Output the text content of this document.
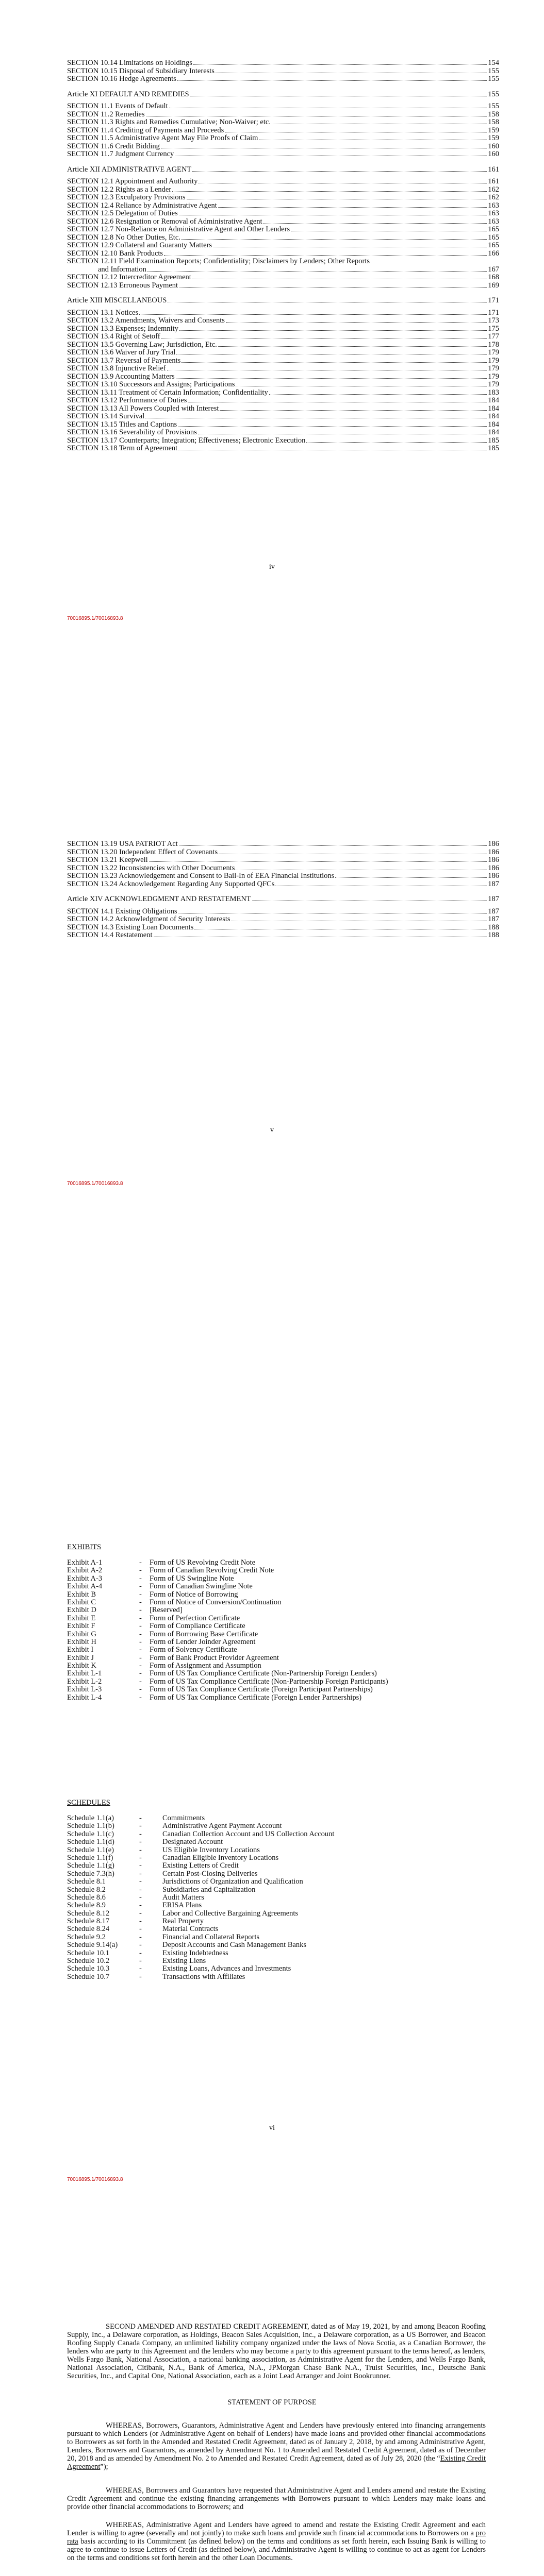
SECTION 10.14 Limitations on Holdings	154
SECTION 10.15 Disposal of Subsidiary Interests	155
SECTION 10.16 Hedge Agreements	155
Article XI DEFAULT AND REMEDIES	155
SECTION 11.1 Events of Default	155
SECTION 11.2 Remedies	158
SECTION 11.3 Rights and Remedies Cumulative; Non-Waiver; etc.	158
SECTION 11.4 Crediting of Payments and Proceeds	159
SECTION 11.5 Administrative Agent May File Proofs of Claim	159
SECTION 11.6 Credit Bidding	160
SECTION 11.7 Judgment Currency	160
Article XII ADMINISTRATIVE AGENT	161
SECTION 12.1 Appointment and Authority	161
SECTION 12.2 Rights as a Lender	162
SECTION 12.3 Exculpatory Provisions	162
SECTION 12.4 Reliance by Administrative Agent	163
SECTION 12.5 Delegation of Duties	163
SECTION 12.6 Resignation or Removal of Administrative Agent	163
SECTION 12.7 Non-Reliance on Administrative Agent and Other Lenders	165
SECTION 12.8 No Other Duties, Etc.	165
SECTION 12.9 Collateral and Guaranty Matters	165
SECTION 12.10 Bank Products	166
SECTION 12.11 Field Examination Reports; Confidentiality; Disclaimers by Lenders; Other Reports
and Information	167
SECTION 12.12 Intercreditor Agreement	168
SECTION 12.13 Erroneous Payment	169
Article XIII MISCELLANEOUS	171
SECTION 13.1 Notices	171
SECTION 13.2 Amendments, Waivers and Consents	173
SECTION 13.3 Expenses; Indemnity	175
SECTION 13.4 Right of Setoff	177
SECTION 13.5 Governing Law; Jurisdiction, Etc.	178
SECTION 13.6 Waiver of Jury Trial	179
SECTION 13.7 Reversal of Payments	179
SECTION 13.8 Injunctive Relief	179
SECTION 13.9 Accounting Matters	179
SECTION 13.10 Successors and Assigns; Participations	179
SECTION 13.11 Treatment of Certain Information; Confidentiality	183
SECTION 13.12 Performance of Duties	184
SECTION 13.13 All Powers Coupled with Interest	184
SECTION 13.14 Survival	184
SECTION 13.15 Titles and Captions	184
SECTION 13.16 Severability of Provisions	184
SECTION 13.17 Counterparts; Integration; Effectiveness; Electronic Execution	185
SECTION 13.18 Term of Agreement	185
iv
70016895.1/70016893.8
SECTION 13.19 USA PATRIOT Act	186
SECTION 13.20 Independent Effect of Covenants	186
SECTION 13.21 Keepwell	186
SECTION 13.22 Inconsistencies with Other Documents	186
SECTION 13.23 Acknowledgement and Consent to Bail-In of EEA Financial Institutions	186
SECTION 13.24 Acknowledgement Regarding Any Supported QFCs	187
Article XIV ACKNOWLEDGMENT AND RESTATEMENT	187
SECTION 14.1 Existing Obligations	187
SECTION 14.2 Acknowledgment of Security Interests	187
SECTION 14.3 Existing Loan Documents	188
SECTION 14.4 Restatement	188
v
70016895.1/70016893.8
EXHIBITS
Exhibit A-1	-	Form of US Revolving Credit Note
Exhibit A-2	-	Form of Canadian Revolving Credit Note
Exhibit A-3	-	Form of US Swingline Note
Exhibit A-4	-	Form of Canadian Swingline Note
Exhibit B	-	Form of Notice of Borrowing
Exhibit C	-	Form of Notice of Conversion/Continuation
Exhibit D	-	[Reserved]
Exhibit E	-	Form of Perfection Certificate
Exhibit F	-	Form of Compliance Certificate
Exhibit G	-	Form of Borrowing Base Certificate
Exhibit H	-	Form of Lender Joinder Agreement
Exhibit I	-	Form of Solvency Certificate
Exhibit J	-	Form of Bank Product Provider Agreement
Exhibit K	-	Form of Assignment and Assumption
Exhibit L-1	-	Form of US Tax Compliance Certificate (Non-Partnership Foreign Lenders)
Exhibit L-2	-	Form of US Tax Compliance Certificate (Non-Partnership Foreign Participants)
Exhibit L-3	-	Form of US Tax Compliance Certificate (Foreign Participant Partnerships)
Exhibit L-4	-	Form of US Tax Compliance Certificate (Foreign Lender Partnerships)
SCHEDULES
Schedule 1.1(a)	-	Commitments
Schedule 1.1(b)	-	Administrative Agent Payment Account
Schedule 1.1(c)	-	Canadian Collection Account and US Collection Account
Schedule 1.1(d)	-	Designated Account
Schedule 1.1(e)	-	US Eligible Inventory Locations
Schedule 1.1(f)	-	Canadian Eligible Inventory Locations
Schedule 1.1(g)	-	Existing Letters of Credit
Schedule 7.3(h)	-	Certain Post-Closing Deliveries
Schedule 8.1	-	Jurisdictions of Organization and Qualification
Schedule 8.2	-	Subsidiaries and Capitalization
Schedule 8.6	-	Audit Matters
Schedule 8.9	-	ERISA Plans
Schedule 8.12	-	Labor and Collective Bargaining Agreements
Schedule 8.17	-	Real Property
Schedule 8.24	-	Material Contracts
Schedule 9.2	-	Financial and Collateral Reports
Schedule 9.14(a)	-	Deposit Accounts and Cash Management Banks
Schedule 10.1	-	Existing Indebtedness
Schedule 10.2	-	Existing Liens
Schedule 10.3	-	Existing Loans, Advances and Investments
Schedule 10.7	-	Transactions with Affiliates
vi
70016895.1/70016893.8
SECOND AMENDED AND RESTATED CREDIT AGREEMENT, dated as of May 19, 2021, by and among Beacon Roofing Supply, Inc., a Delaware corporation, as Holdings, Beacon Sales Acquisition, Inc., a Delaware corporation, as a US Borrower, and Beacon Roofing Supply Canada Company, an unlimited liability company organized under the laws of Nova Scotia, as a Canadian Borrower, the lenders who are party to this Agreement and the lenders who may become a party to this agreement pursuant to the terms hereof, as lenders, Wells Fargo Bank, National Association, a national banking association, as Administrative Agent for the Lenders, and Wells Fargo Bank, National Association, Citibank, N.A., Bank of America, N.A., JPMorgan Chase Bank N.A., Truist Securities, Inc., Deutsche Bank Securities, Inc., and Capital One, National Association, each as a Joint Lead Arranger and Joint Bookrunner.
STATEMENT OF PURPOSE
WHEREAS, Borrowers, Guarantors, Administrative Agent and Lenders have previously entered into financing arrangements pursuant to which Lenders (or Administrative Agent on behalf of Lenders) have made loans and provided other financial accommodations to Borrowers as set forth in the Amended and Restated Credit Agreement, dated as of January 2, 2018, by and among Administrative Agent, Lenders, Borrowers and Guarantors, as amended by Amendment No. 1 to Amended and Restated Credit Agreement, dated as of December 20, 2018 and as amended by Amendment No. 2 to Amended and Restated Credit Agreement, dated as of July 28, 2020 (the “Existing Credit Agreement”);
WHEREAS, Borrowers and Guarantors have requested that Administrative Agent and Lenders amend and restate the Existing Credit Agreement and continue the existing financing arrangements with Borrowers pursuant to which Lenders may make loans and provide other financial accommodations to Borrowers; and
WHEREAS, Administrative Agent and Lenders have agreed to amend and restate the Existing Credit Agreement and each Lender is willing to agree (severally and not jointly) to make such loans and provide such financial accommodations to Borrowers on a pro rata basis according to its Commitment (as defined below) on the terms and conditions as set forth herein, each Issuing Bank is willing to agree to continue to issue Letters of Credit (as defined below), and Administrative Agent is willing to continue to act as agent for Lenders on the terms and conditions set forth herein and the other Loan Documents.
